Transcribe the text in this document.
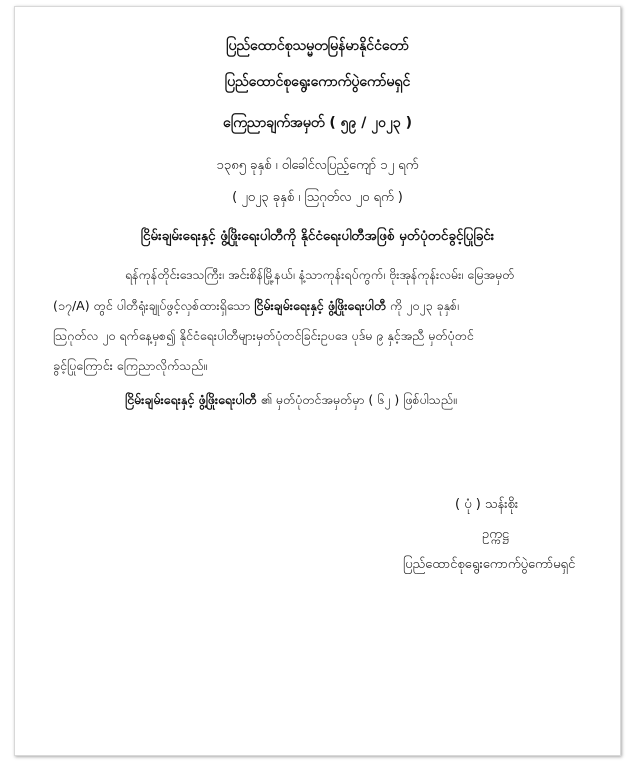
ပြည်ထောင်စုသမ္မတမြန်မာနိုင်ငံတော်
ပြည်ထောင်စုရွေးကောက်ပွဲကော်မရှင်
ကြေညာချက်အမှတ် ( ၅၉ / ၂၀၂၃ )
၁၃၈၅ ခုနှစ် ၊ ဝါခေါင်လပြည့်ကျော် ၁၂ ရက်
( ၂၀၂၃ ခုနှစ် ၊ သြဂုတ်လ ၂၀ ရက် )
ငြိမ်းချမ်းရေးနှင့် ဖွံ့ဖြိုးရေးပါတီကို နိုင်ငံရေးပါတီအဖြစ် မှတ်ပုံတင်ခွင့်ပြုခြင်း
ရန်ကုန်တိုင်းဒေသကြီး၊ အင်းစိန်မြို့နယ်၊ နံ့သာကုန်းရပ်ကွက်၊ ဗိုးအုန်ကုန်းလမ်း၊ မြေအမှတ်
(၁၇/A) တွင် ပါတီရုံးချုပ်ဖွင့်လှစ်ထားရှိသော ငြိမ်းချမ်းရေးနှင့် ဖွံ့ဖြိုးရေးပါတီ ကို ၂၀၂၃ ခုနှစ်၊
သြဂုတ်လ ၂၀ ရက်နေ့မှစ၍ နိုင်ငံရေးပါတီများမှတ်ပုံတင်ခြင်းဥပဒေ ပုဒ်မ ၉ နှင့်အညီ မှတ်ပုံတင်
ခွင့်ပြုကြောင်း ကြေညာလိုက်သည်။
ငြိမ်းချမ်းရေးနှင့် ဖွံ့ဖြိုးရေးပါတီ ၏ မှတ်ပုံတင်အမှတ်မှာ ( ၆၂ ) ဖြစ်ပါသည်။
( ပုံ ) သန်းစိုး
ဥက္ကဋ္ဌ
ပြည်ထောင်စုရွေးကောက်ပွဲကော်မရှင်
